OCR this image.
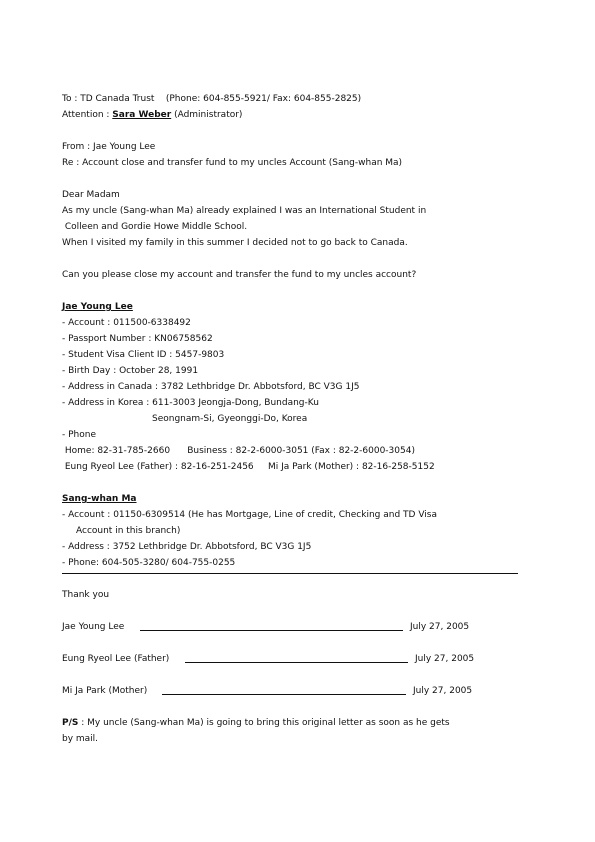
To : TD Canada Trust    (Phone: 604-855-5921/ Fax: 604-855-2825)
Attention : Sara Weber (Administrator)
From : Jae Young Lee
Re : Account close and transfer fund to my uncles Account (Sang-whan Ma)
Dear Madam
As my uncle (Sang-whan Ma) already explained I was an International Student in
Colleen and Gordie Howe Middle School.
When I visited my family in this summer I decided not to go back to Canada.
Can you please close my account and transfer the fund to my uncles account?
Jae Young Lee
- Account : 011500-6338492
- Passport Number : KN06758562
- Student Visa Client ID : 5457-9803
- Birth Day : October 28, 1991
- Address in Canada : 3782 Lethbridge Dr. Abbotsford, BC V3G 1J5
- Address in Korea : 611-3003 Jeongja-Dong, Bundang-Ku
Seongnam-Si, Gyeonggi-Do, Korea
- Phone
Home: 82-31-785-2660      Business : 82-2-6000-3051 (Fax : 82-2-6000-3054)
Eung Ryeol Lee (Father) : 82-16-251-2456     Mi Ja Park (Mother) : 82-16-258-5152
Sang-whan Ma
- Account : 01150-6309514 (He has Mortgage, Line of credit, Checking and TD Visa
Account in this branch)
- Address : 3752 Lethbridge Dr. Abbotsford, BC V3G 1J5
- Phone: 604-505-3280/ 604-755-0255
Thank you
Jae Young Lee	July 27, 2005
Eung Ryeol Lee (Father)	July 27, 2005
Mi Ja Park (Mother)	July 27, 2005
P/S : My uncle (Sang-whan Ma) is going to bring this original letter as soon as he gets
by mail.
